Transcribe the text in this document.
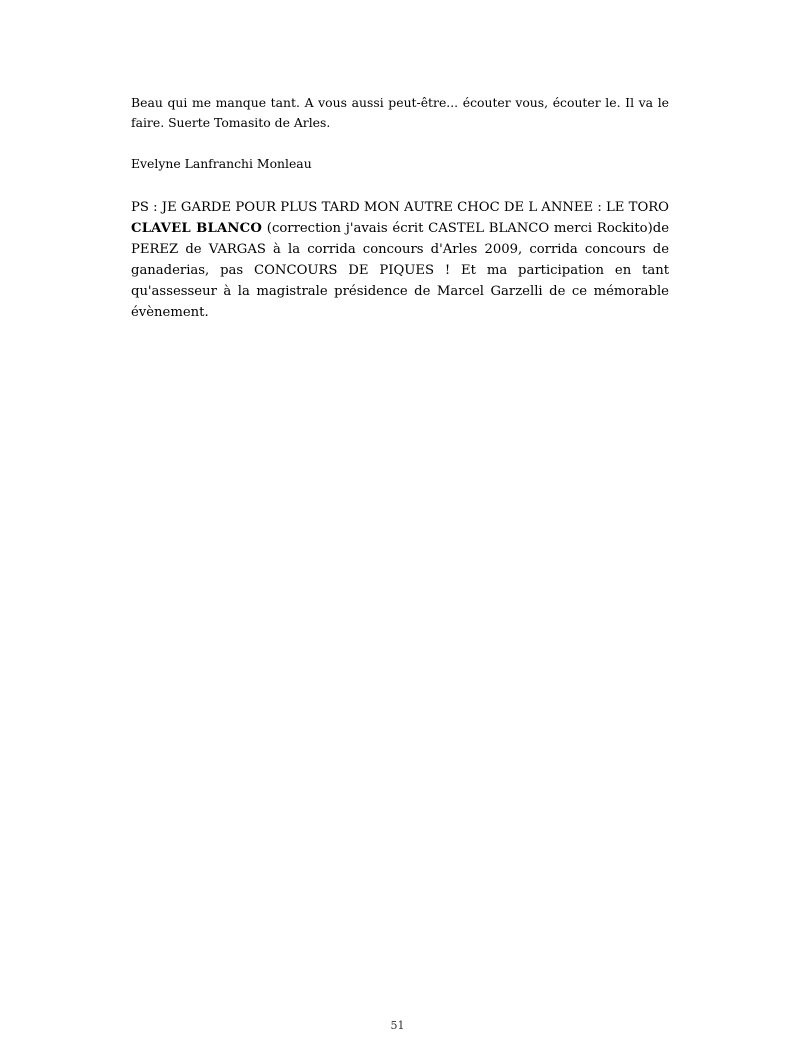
Beau qui me manque tant. A vous aussi peut-être... écouter vous, écouter le. Il va le faire. Suerte Tomasito de Arles.

Evelyne Lanfranchi Monleau

PS : JE GARDE POUR PLUS TARD MON AUTRE CHOC DE L ANNEE : LE TORO CLAVEL BLANCO (correction j'avais écrit CASTEL BLANCO merci Rockito)de PEREZ de VARGAS à la corrida concours d'Arles 2009, corrida concours de ganaderias, pas CONCOURS DE PIQUES ! Et ma participation en tant qu'assesseur à la magistrale présidence de Marcel Garzelli de ce mémorable évènement.

51
